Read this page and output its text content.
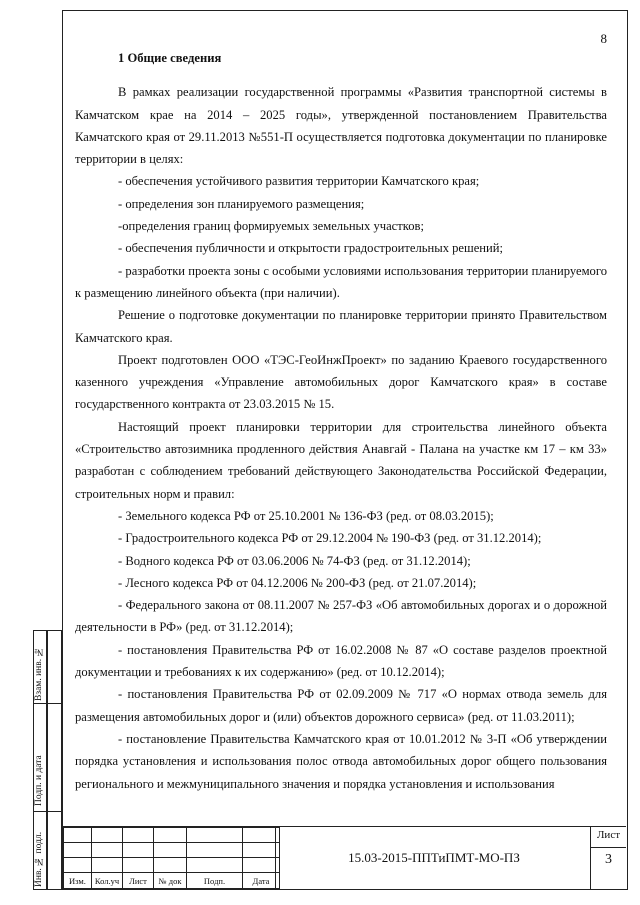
8
1 Общие сведения

В рамках реализации государственной программы «Развития транспортной системы в Камчатском крае на 2014 – 2025 годы», утвержденной постановлением Правительства Камчатского края от 29.11.2013 №551-П осуществляется подготовка документации по планировке территории в целях:

- обеспечения устойчивого развития территории Камчатского края;

- определения зон планируемого размещения;

-определения границ формируемых земельных участков;

- обеспечения публичности и открытости градостроительных решений;

- разработки проекта зоны с особыми условиями использования территории планируемого к размещению линейного объекта (при наличии).

Решение о подготовке документации по планировке территории принято Правительством Камчатского края.

Проект подготовлен ООО «ТЭС-ГеоИнжПроект» по заданию Краевого государственного казенного учреждения «Управление автомобильных дорог Камчатского края» в составе государственного контракта от 23.03.2015 № 15.

Настоящий проект планировки территории для строительства линейного объекта «Строительство автозимника продленного действия Анавгай - Палана на участке км 17 – км 33» разработан с соблюдением требований действующего Законодательства Российской Федерации, строительных норм и правил:

- Земельного кодекса РФ от 25.10.2001 № 136-ФЗ (ред. от 08.03.2015);

- Градостроительного кодекса РФ от 29.12.2004 № 190-ФЗ (ред. от 31.12.2014);

- Водного кодекса РФ от 03.06.2006 № 74-ФЗ (ред. от 31.12.2014);

- Лесного кодекса РФ от 04.12.2006 № 200-ФЗ (ред. от 21.07.2014);

- Федерального закона от 08.11.2007 № 257-ФЗ «Об автомобильных дорогах и о дорожной деятельности в РФ» (ред. от 31.12.2014);

- постановления Правительства РФ от 16.02.2008 № 87 «О составе разделов проектной документации и требованиях к их содержанию» (ред. от 10.12.2014);

- постановления Правительства РФ от 02.09.2009 № 717 «О нормах отвода земель для размещения автомобильных дорог и (или) объектов дорожного сервиса» (ред. от 11.03.2011);

- постановление Правительства Камчатского края от 10.01.2012 № 3-П «Об утверждении порядка установления и использования полос отвода автомобильных дорог общего пользования регионального и межмуниципального значения и порядка установления и использования

Изм.	Кол.уч	Лист	№ док	Подп.	Дата
15.03-2015-ППТиПМТ-МО-ПЗ
Лист
3
Взам. инв. №
Подп. и дата
Инв. № подл.
